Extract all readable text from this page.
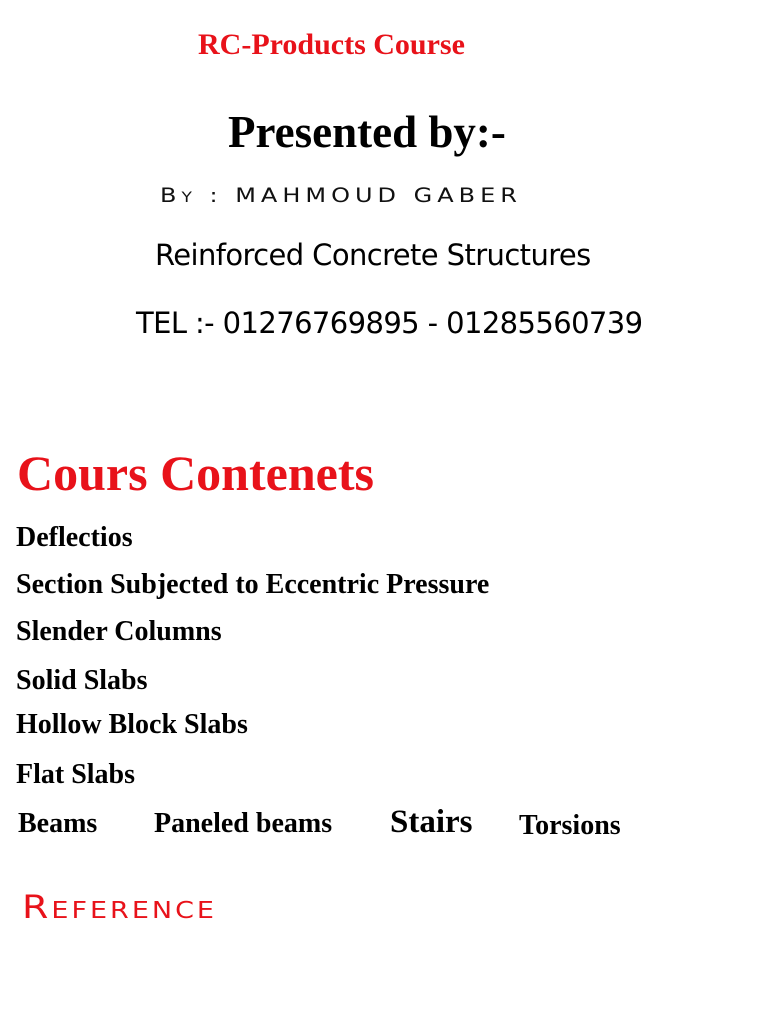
RC-Products Course
Presented by:-
By : MAHMOUD GABER
Reinforced Concrete Structures
TEL :- 01276769895 - 01285560739
Cours Contenets
Deflectios
Section Subjected to Eccentric Pressure
Slender Columns
Solid Slabs
Hollow Block Slabs
Flat Slabs
Beams Paneled beams Stairs Torsions
Reference
